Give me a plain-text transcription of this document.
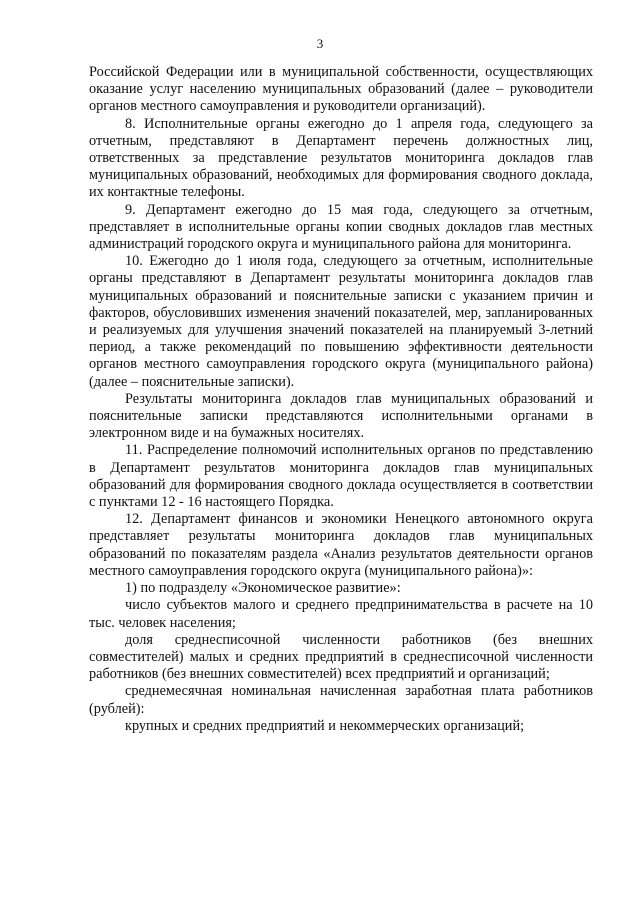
3

Российской Федерации или в муниципальной собственности, осуществляющих оказание услуг населению муниципальных образований (далее – руководители органов местного самоуправления и руководители организаций).

8. Исполнительные органы ежегодно до 1 апреля года, следующего за отчетным, представляют в Департамент перечень должностных лиц, ответственных за представление результатов мониторинга докладов глав муниципальных образований, необходимых для формирования сводного доклада, их контактные телефоны.

9. Департамент ежегодно до 15 мая года, следующего за отчетным, представляет в исполнительные органы копии сводных докладов глав местных администраций городского округа и муниципального района для мониторинга.

10. Ежегодно до 1 июля года, следующего за отчетным, исполнительные органы представляют в Департамент результаты мониторинга докладов глав муниципальных образований и пояснительные записки с указанием причин и факторов, обусловивших изменения значений показателей, мер, запланированных и реализуемых для улучшения значений показателей на планируемый 3-летний период, а также рекомендаций по повышению эффективности деятельности органов местного самоуправления городского округа (муниципального района) (далее – пояснительные записки).

Результаты мониторинга докладов глав муниципальных образований и пояснительные записки представляются исполнительными органами в электронном виде и на бумажных носителях.

11. Распределение полномочий исполнительных органов по представлению в Департамент результатов мониторинга докладов глав муниципальных образований для формирования сводного доклада осуществляется в соответствии с пунктами 12 - 16 настоящего Порядка.

12. Департамент финансов и экономики Ненецкого автономного округа представляет результаты мониторинга докладов глав муниципальных образований по показателям раздела «Анализ результатов деятельности органов местного самоуправления городского округа (муниципального района)»:

1) по подразделу «Экономическое развитие»:

число субъектов малого и среднего предпринимательства в расчете на 10 тыс. человек населения;

доля среднесписочной численности работников (без внешних совместителей) малых и средних предприятий в среднесписочной численности работников (без внешних совместителей) всех предприятий и организаций;

среднемесячная номинальная начисленная заработная плата работников (рублей):

крупных и средних предприятий и некоммерческих организаций;
